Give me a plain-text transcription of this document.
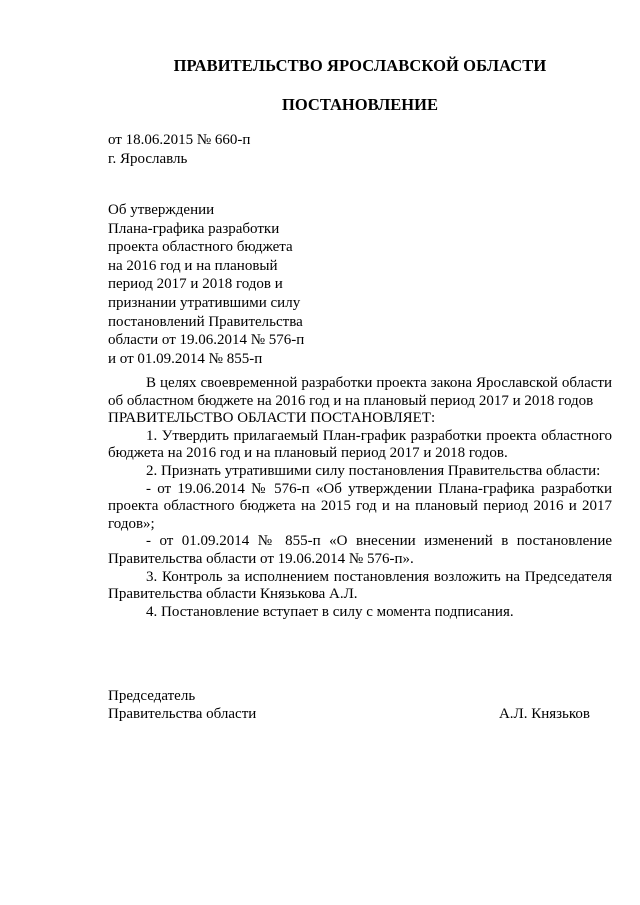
ПРАВИТЕЛЬСТВО ЯРОСЛАВСКОЙ ОБЛАСТИ
ПОСТАНОВЛЕНИЕ
от 18.06.2015 № 660-п
г. Ярославль
Об утверждении
Плана-графика разработки
проекта областного бюджета
на 2016 год и на плановый
период 2017 и 2018 годов и
признании утратившими силу
постановлений Правительства
области от 19.06.2014 № 576-п
и от 01.09.2014 № 855-п

В целях своевременной разработки проекта закона Ярославской области об областном бюджете на 2016 год и на плановый период 2017 и 2018 годов

ПРАВИТЕЛЬСТВО ОБЛАСТИ ПОСТАНОВЛЯЕТ:

1. Утвердить прилагаемый План-график разработки проекта областного бюджета на 2016 год и на плановый период 2017 и 2018 годов.

2. Признать утратившими силу постановления Правительства области:

- от 19.06.2014 № 576-п «Об утверждении Плана-графика разработки проекта областного бюджета на 2015 год и на плановый период 2016 и 2017 годов»;

- от 01.09.2014 № 855-п «О внесении изменений в постановление Правительства области от 19.06.2014 № 576-п».

3. Контроль за исполнением постановления возложить на Председателя Правительства области Князькова А.Л.

4. Постановление вступает в силу с момента подписания.

Председатель
Правительства области	А.Л. Князьков
